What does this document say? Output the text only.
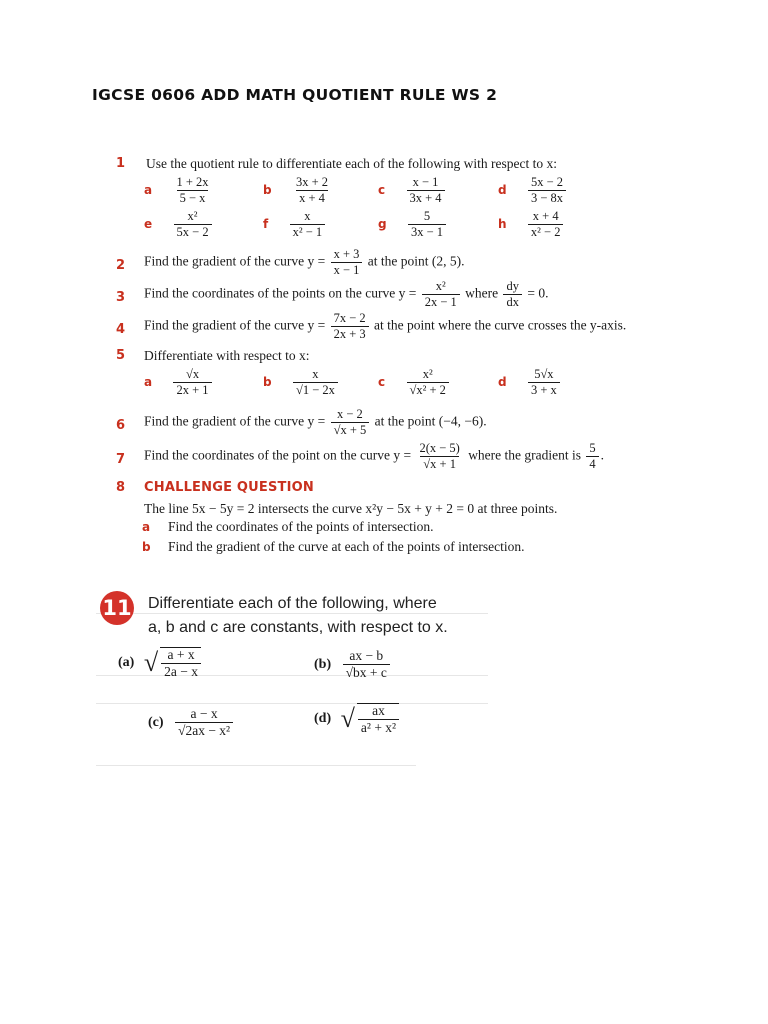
IGCSE 0606 ADD MATH QUOTIENT RULE WS 2
1 Use the quotient rule to differentiate each of the following with respect to x:
a $\frac{1 + 2x}{5 - x}$	b $\frac{3x + 2}{x + 4}$	c $\frac{x - 1}{3x + 4}$	d $\frac{5x - 2}{3 - 8x}$
e $\frac{\text{x²}}{5x - 2}$	f $\frac{x}{\text{x² − 1}}$	g $\frac{5}{3x - 1}$	h $\frac{x + 4}{\text{x² − 2}}$
2 Find the gradient of the curve $y = \frac{x + 3}{x - 1}$ at the point (2, 5).
3 Find the coordinates of the points on the curve $y = \frac{\text{x²}}{2x - 1}$ where $\frac{dy}{dx} = 0$.
4 Find the gradient of the curve $y = \frac{7x - 2}{2x + 3}$ at the point where the curve crosses the y-axis.
5 Differentiate with respect to x:
a $\frac{√x}{2x + 1}$	b $\frac{x}{√1 - 2x}$	c $\frac{\text{x²}}{\text{√x² + 2}}$	d $\frac{5√x}{3 + x}$
6 Find the gradient of the curve $y = \frac{x - 2}{√x + 5}$ at the point (−4, −6).
7 Find the coordinates of the point on the curve $y = \frac{2(x - 5)}{√x + 1}$ where the gradient is $\frac{5}{4}$ .
8 CHALLENGE QUESTION
The line 5x − 5y = 2 intersects the curve x²y − 5x + y + 2 = 0 at three points.
a Find the coordinates of the points of intersection.
b Find the gradient of the curve at each of the points of intersection.
11 Differentiate each of the following, where
a, b and c are constants, with respect to x.
(a) √ $\frac{a + x}{2a - x}$	$(b) \frac{ax - b}{√bx + c}$
$(c) \frac{a - x}{\text{√2ax − x²}}$	(d) √ $\frac{ax}{\text{a² + x²}}$
